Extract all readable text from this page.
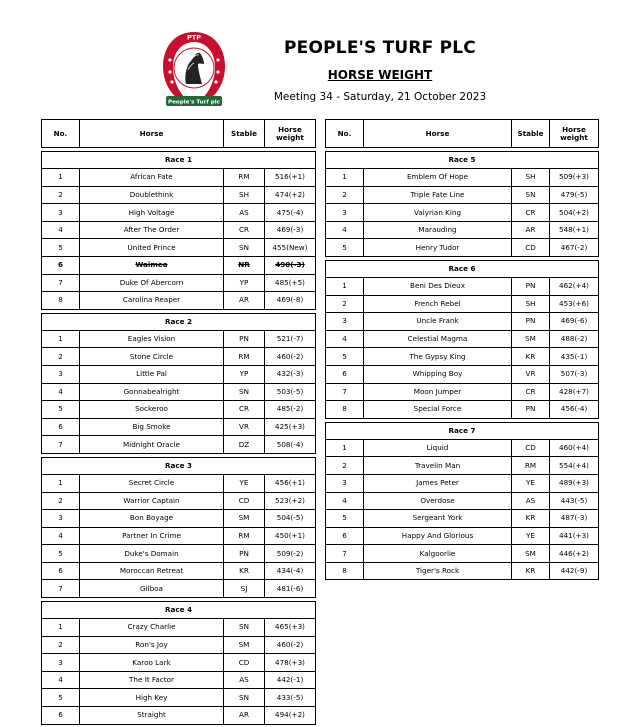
People's Turf plc
PTP
EST 2023	PEOPLE'S TURF PLC
HORSE WEIGHT
Meeting 34 - Saturday, 21 October 2023
No.	Horse	Stable	Horse
weight

Race 1			
1	African Fate	RM	516(+1)
2	Doublethink	SH	474(+2)
3	High Voltage	AS	475(-4)
4	After The Order	CR	469(-3)
5	United Prince	SN	455(New)
6	Waimea	NR	490(-3)
7	Duke Of Abercorn	YP	485(+5)
8	Carolina Reaper	AR	469(-8)

Race 2			
1	Eagles Vision	PN	521(-7)
2	Stone Circle	RM	460(-2)
3	Little Pal	YP	432(-3)
4	Gonnabealright	SN	503(-5)
5	Sockeroo	CR	485(-2)
6	Big Smoke	VR	425(+3)
7	Midnight Oracle	DZ	508(-4)

Race 3			
1	Secret Circle	YE	456(+1)
2	Warrior Captain	CD	523(+2)
3	Bon Boyage	SM	504(-5)
4	Partner In Crime	RM	450(+1)
5	Duke's Domain	PN	509(-2)
6	Moroccan Retreat	KR	434(-4)
7	Gilboa	SJ	481(-6)

Race 4			
1	Crazy Charlie	SN	465(+3)
2	Ron's Joy	SM	460(-2)
3	Karoo Lark	CD	478(+3)
4	The It Factor	AS	442(-1)
5	High Key	SN	433(-5)
6	Straight	AR	494(+2)
No.	Horse	Stable	Horse
weight

Race 5			
1	Emblem Of Hope	SH	509(+3)
2	Triple Fate Line	SN	479(-5)
3	Valyrian King	CR	504(+2)
4	Marauding	AR	548(+1)
5	Henry Tudor	CD	467(-2)

Race 6			
1	Beni Des Dieux	PN	462(+4)
2	French Rebel	SH	453(+6)
3	Uncle Frank	PN	469(-6)
4	Celestial Magma	SM	488(-2)
5	The Gypsy King	KR	435(-1)
6	Whipping Boy	VR	507(-3)
7	Moon Jumper	CR	428(+7)
8	Special Force	PN	456(-4)

Race 7			
1	Liquid	CD	460(+4)
2	Travelin Man	RM	554(+4)
3	James Peter	YE	489(+3)
4	Overdose	AS	443(-5)
5	Sergeant York	KR	487(-3)
6	Happy And Glorious	YE	441(+3)
7	Kalgoorlie	SM	446(+2)
8	Tiger's Rock	KR	442(-9)
